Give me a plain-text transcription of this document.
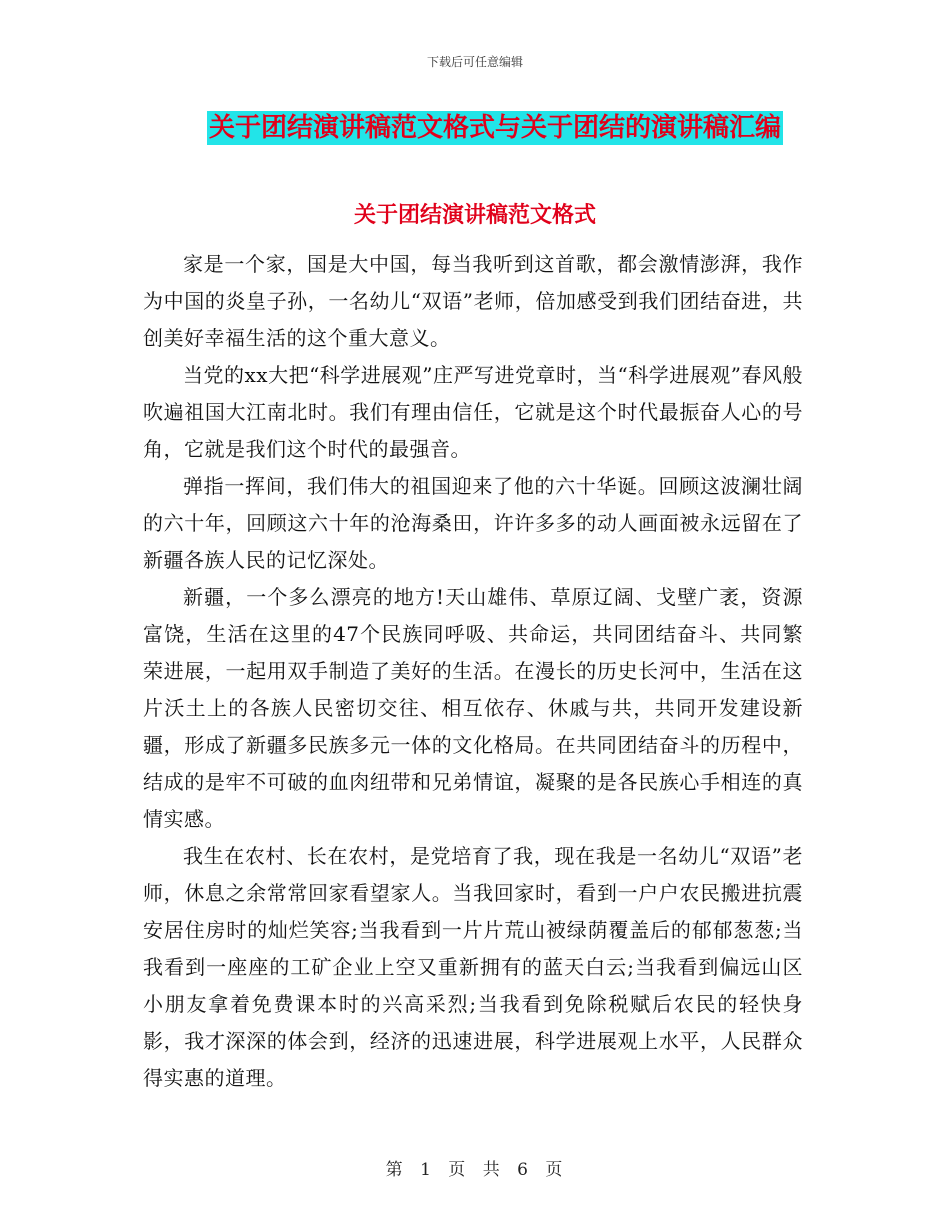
下载后可任意编辑
关于团结演讲稿范文格式与关于团结的演讲稿汇编
关于团结演讲稿范文格式

家是一个家，国是大中国，每当我听到这首歌，都会激情澎湃，我作为中国的炎皇子孙，一名幼儿“双语”老师，倍加感受到我们团结奋进，共创美好幸福生活的这个重大意义。

当党的xx大把“科学进展观”庄严写进党章时，当“科学进展观”春风般吹遍祖国大江南北时。我们有理由信任，它就是这个时代最振奋人心的号角，它就是我们这个时代的最强音。

弹指一挥间，我们伟大的祖国迎来了他的六十华诞。回顾这波澜壮阔的六十年，回顾这六十年的沧海桑田，许许多多的动人画面被永远留在了新疆各族人民的记忆深处。

新疆，一个多么漂亮的地方!天山雄伟、草原辽阔、戈壁广袤，资源富饶，生活在这里的47个民族同呼吸、共命运，共同团结奋斗、共同繁荣进展，一起用双手制造了美好的生活。在漫长的历史长河中，生活在这片沃土上的各族人民密切交往、相互依存、休戚与共，共同开发建设新疆，形成了新疆多民族多元一体的文化格局。在共同团结奋斗的历程中，结成的是牢不可破的血肉纽带和兄弟情谊，凝聚的是各民族心手相连的真情实感。

我生在农村、长在农村，是党培育了我，现在我是一名幼儿“双语”老师，休息之余常常回家看望家人。当我回家时，看到一户户农民搬进抗震安居住房时的灿烂笑容;当我看到一片片荒山被绿荫覆盖后的郁郁葱葱;当我看到一座座的工矿企业上空又重新拥有的蓝天白云;当我看到偏远山区小朋友拿着免费课本时的兴高采烈;当我看到免除税赋后农民的轻快身影，我才深深的体会到，经济的迅速进展，科学进展观上水平，人民群众得实惠的道理。

第 1 页 共 6 页
